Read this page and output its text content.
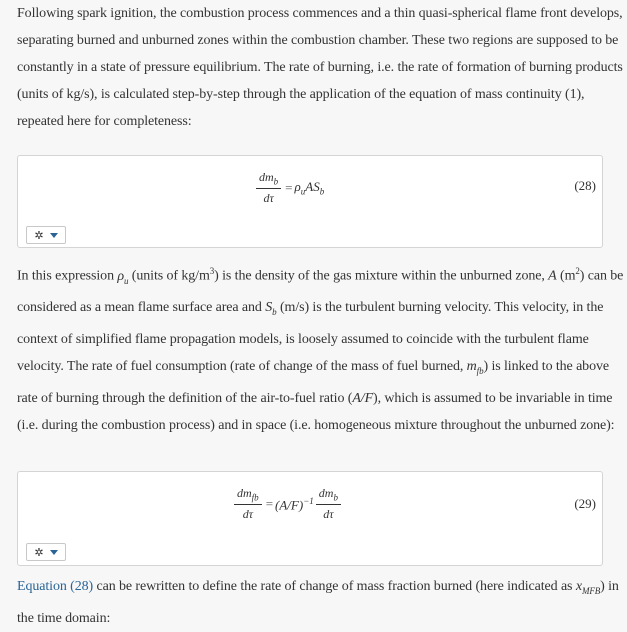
Following spark ignition, the combustion process commences and a thin quasi-spherical flame front develops, separating burned and unburned zones within the combustion chamber. These two regions are supposed to be constantly in a state of pressure equilibrium. The rate of burning, i.e. the rate of formation of burning products (units of kg/s), is calculated step-by-step through the application of the equation of mass continuity (1), repeated here for completeness:

$\frac{dm_b}{d\tau} = \rho_uAS_b$	(28)
✲

In this expression $\rho_u$ (units of $kg/m^3$) is the density of the gas mixture within the unburned zone, A $(m^2)$ can be considered as a mean flame surface area and $S_b$ (m/s) is the turbulent burning velocity. This velocity, in the context of simplified flame propagation models, is loosely assumed to coincide with the turbulent flame velocity. The rate of fuel consumption (rate of change of the mass of fuel burned, $m_{fb}$) is linked to the above rate of burning through the definition of the air-to-fuel ratio (A/F), which is assumed to be invariable in time (i.e. during the combustion process) and in space (i.e. homogeneous mixture throughout the unburned zone):

$\frac{dm_{fb}}{d\tau} = (A/F)^{-1} \frac{dm_b}{d\tau}$	(29)
✲

Equation (28) can be rewritten to define the rate of change of mass fraction burned (here indicated as $x_{MFB}$) in the time domain:
